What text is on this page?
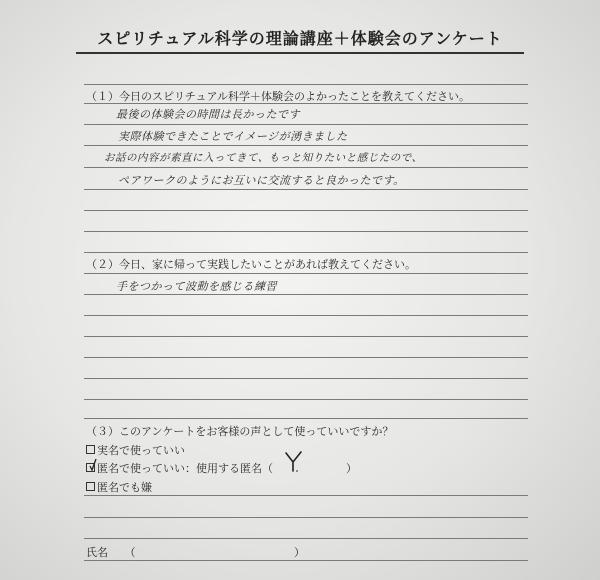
スピリチュアル科学の理論講座＋体験会のアンケート
（１）今日のスピリチュアル科学＋体験会のよかったことを教えてください。
最後の体験会の時間は長かったです
実際体験できたことでイメージが湧きました
お話の内容が素直に入ってきて、もっと知りたいと感じたので、
ペアワークのようにお互いに交流すると良かったです。
（２）今日、家に帰って実践したいことがあれば教えてください。
手をつかって波動を感じる練習
（３）このアンケートをお客様の声として使っていいですか？
実名で使っていい
匿名で使っていい：使用する匿名（	）
匿名でも嫌
氏名　　（	）
